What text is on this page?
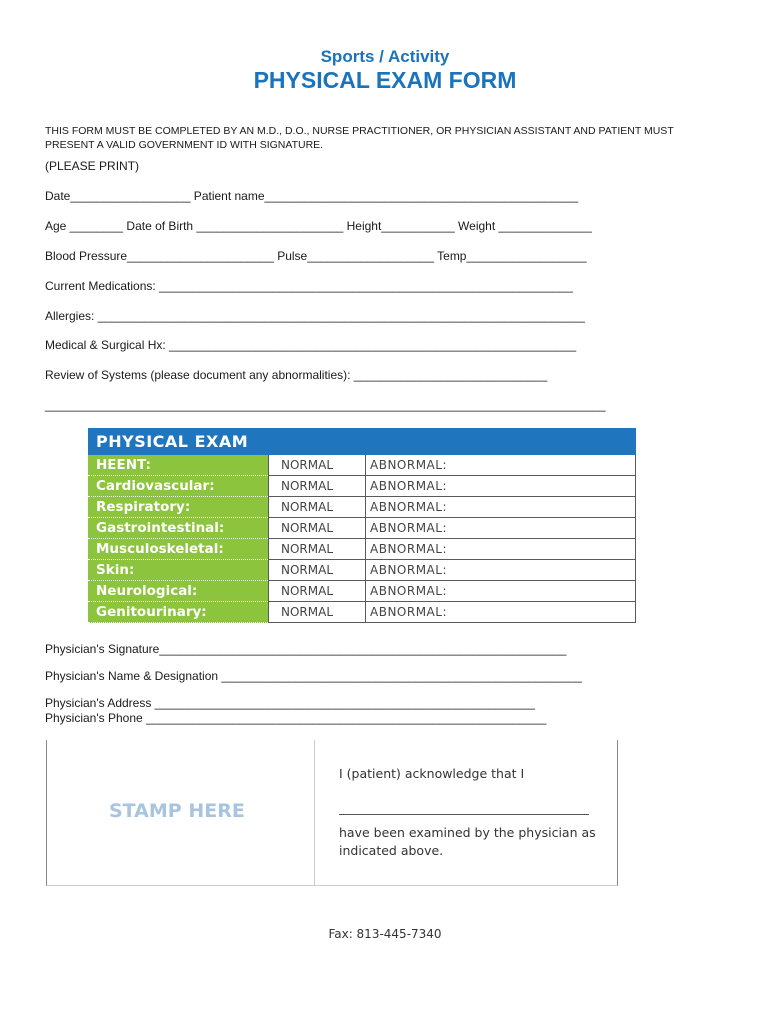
Sports / Activity
PHYSICAL EXAM FORM
THIS FORM MUST BE COMPLETED BY AN M.D., D.O., NURSE PRACTITIONER, OR PHYSICIAN ASSISTANT AND PATIENT MUST PRESENT A VALID GOVERNMENT ID WITH SIGNATURE.
(PLEASE PRINT)
Date__________________ Patient name_______________________________________________
Age ________ Date of Birth ______________________ Height___________ Weight ______________
Blood Pressure______________________ Pulse___________________ Temp__________________
Current Medications: ______________________________________________________________
Allergies: _________________________________________________________________________
Medical & Surgical Hx: _____________________________________________________________
Review of Systems (please document any abnormalities): _____________________________
____________________________________________________________________________________
PHYSICAL EXAM		
HEENT:	NORMAL	ABNORMAL:
Cardiovascular:	NORMAL	ABNORMAL:
Respiratory:	NORMAL	ABNORMAL:
Gastrointestinal:	NORMAL	ABNORMAL:
Musculoskeletal:	NORMAL	ABNORMAL:
Skin:	NORMAL	ABNORMAL:
Neurological:	NORMAL	ABNORMAL:
Genitourinary:	NORMAL	ABNORMAL:
Physician's Signature_____________________________________________________________
Physician's Name & Designation ______________________________________________________
Physician's Address _________________________________________________________
Physician's Phone ____________________________________________________________
STAMP HERE
I (patient) acknowledge that I
have been examined by the physician as indicated above.
Fax: 813-445-7340
